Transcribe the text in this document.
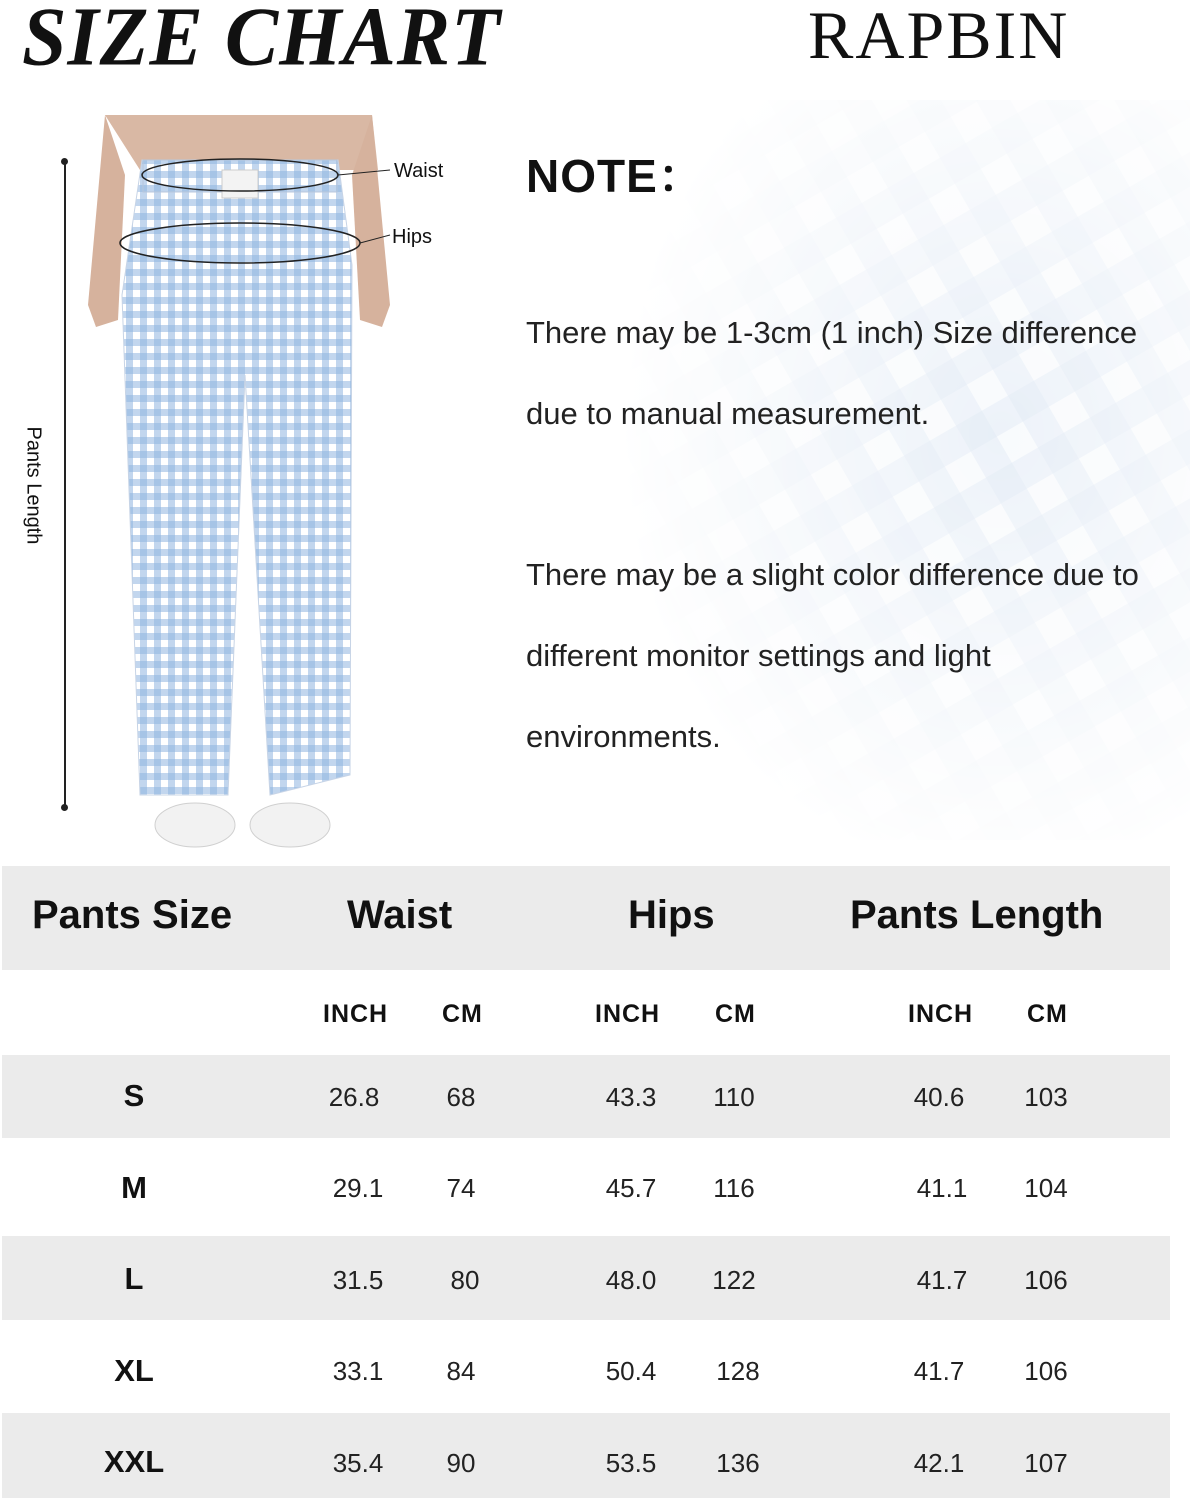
SIZE CHART	RAPBIN
Pants Length
Waist
Hips
NOTE：
There may be 1-3cm (1 inch) Size difference due to manual measurement.
There may be a slight color difference due to different monitor settings and light environments.
Pants Size	Waist	Hips	Pants Length
INCH CM	INCH CM	INCH CM
S	26.8	68	43.3	110	40.6	103
M	29.1	74	45.7	116	41.1	104
L	31.5	80	48.0	122	41.7	106
XL	33.1	84	50.4	128	41.7	106
XXL	35.4	90	53.5	136	42.1	107
